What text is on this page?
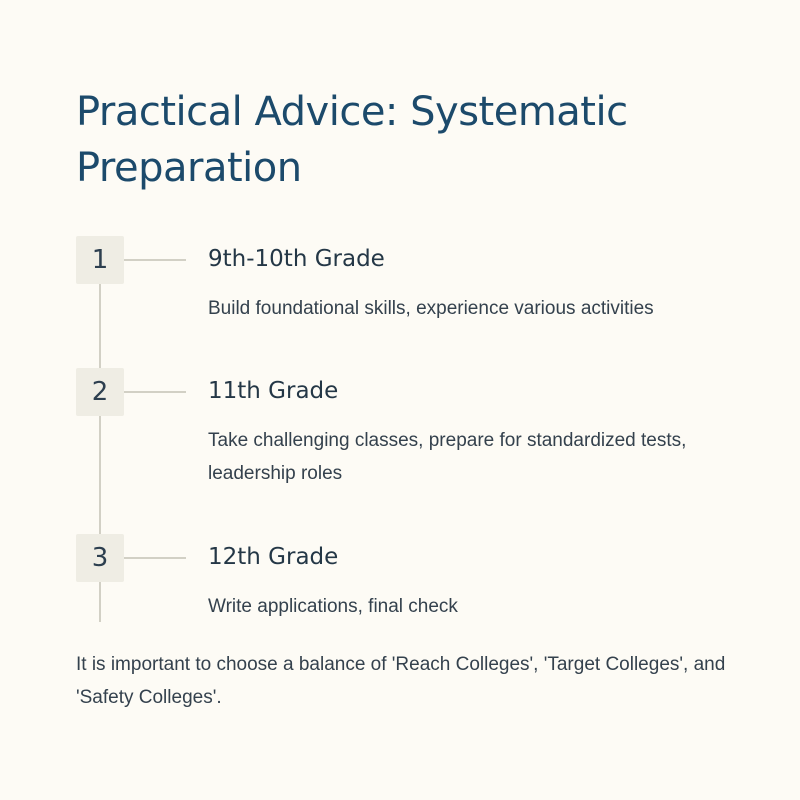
Practical Advice: Systematic Preparation
1	9th-10th Grade

Build foundational skills, experience various activities

2	11th Grade

Take challenging classes, prepare for standardized tests, leadership roles

3	12th Grade

Write applications, final check

It is important to choose a balance of 'Reach Colleges', 'Target Colleges', and 'Safety Colleges'.
